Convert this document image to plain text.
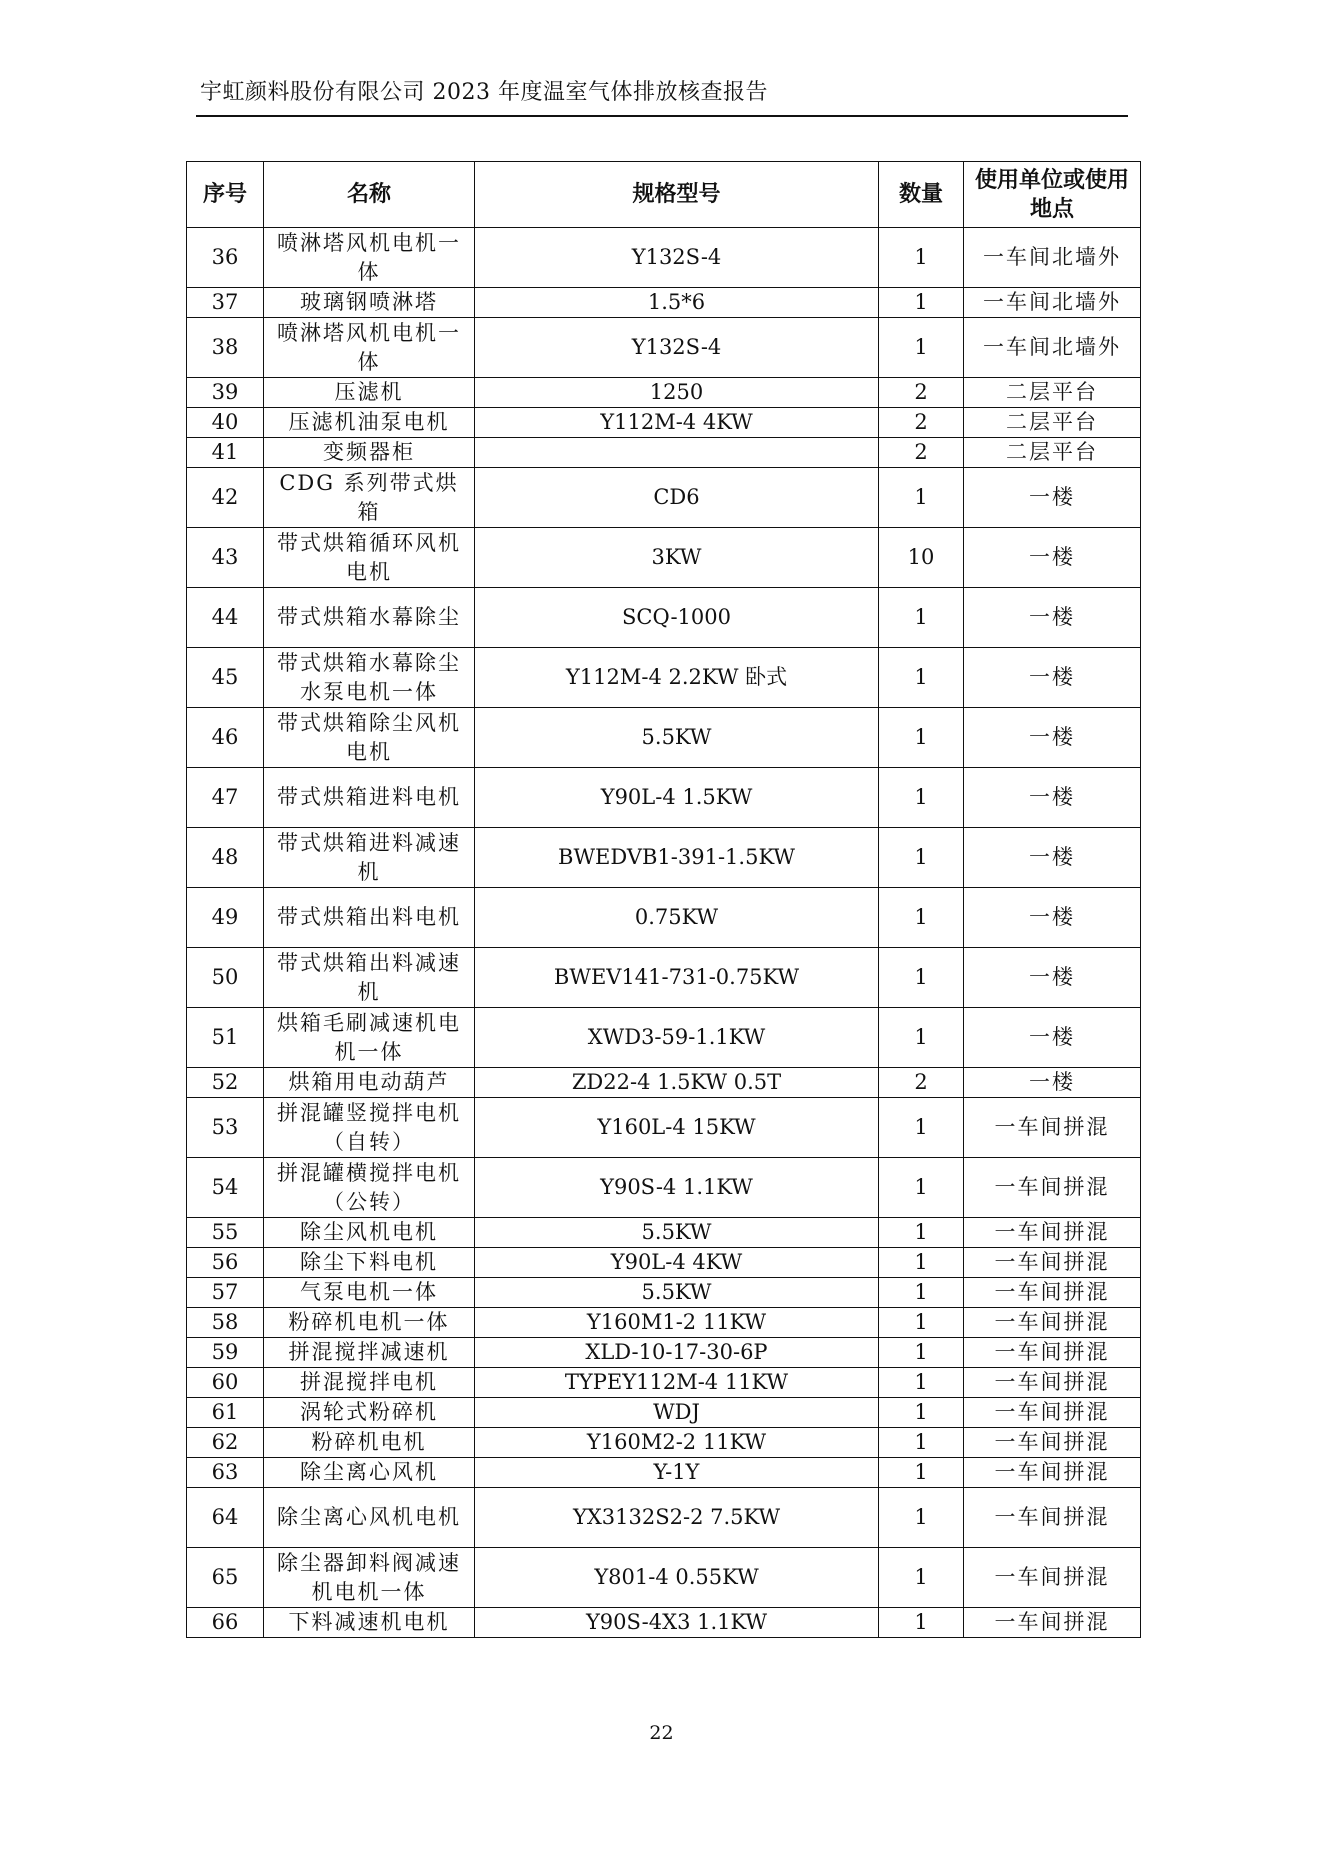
宇虹颜料股份有限公司 2023 年度温室气体排放核查报告
序号	名称	规格型号	数量	使用单位或使用地点
36	喷淋塔风机电机一体	Y132S-4	1	一车间北墙外
37	玻璃钢喷淋塔	1.5*6	1	一车间北墙外
38	喷淋塔风机电机一体	Y132S-4	1	一车间北墙外
39	压滤机	1250	2	二层平台
40	压滤机油泵电机	Y112M-4 4KW	2	二层平台
41	变频器柜		2	二层平台
42	CDG 系列带式烘箱	CD6	1	一楼
43	带式烘箱循环风机电机	3KW	10	一楼
44	带式烘箱水幕除尘	SCQ-1000	1	一楼
45	带式烘箱水幕除尘水泵电机一体	Y112M-4 2.2KW 卧式	1	一楼
46	带式烘箱除尘风机电机	5.5KW	1	一楼
47	带式烘箱进料电机	Y90L-4 1.5KW	1	一楼
48	带式烘箱进料减速机	BWEDVB1-391-1.5KW	1	一楼
49	带式烘箱出料电机	0.75KW	1	一楼
50	带式烘箱出料减速机	BWEV141-731-0.75KW	1	一楼
51	烘箱毛刷减速机电机一体	XWD3-59-1.1KW	1	一楼
52	烘箱用电动葫芦	ZD22-4 1.5KW 0.5T	2	一楼
53	拼混罐竖搅拌电机（自转）	Y160L-4 15KW	1	一车间拼混
54	拼混罐横搅拌电机（公转）	Y90S-4 1.1KW	1	一车间拼混
55	除尘风机电机	5.5KW	1	一车间拼混
56	除尘下料电机	Y90L-4 4KW	1	一车间拼混
57	气泵电机一体	5.5KW	1	一车间拼混
58	粉碎机电机一体	Y160M1-2 11KW	1	一车间拼混
59	拼混搅拌减速机	XLD-10-17-30-6P	1	一车间拼混
60	拼混搅拌电机	TYPEY112M-4 11KW	1	一车间拼混
61	涡轮式粉碎机	WDJ	1	一车间拼混
62	粉碎机电机	Y160M2-2 11KW	1	一车间拼混
63	除尘离心风机	Y-1Y	1	一车间拼混
64	除尘离心风机电机	YX3132S2-2 7.5KW	1	一车间拼混
65	除尘器卸料阀减速机电机一体	Y801-4 0.55KW	1	一车间拼混
66	下料减速机电机	Y90S-4X3 1.1KW	1	一车间拼混
22
